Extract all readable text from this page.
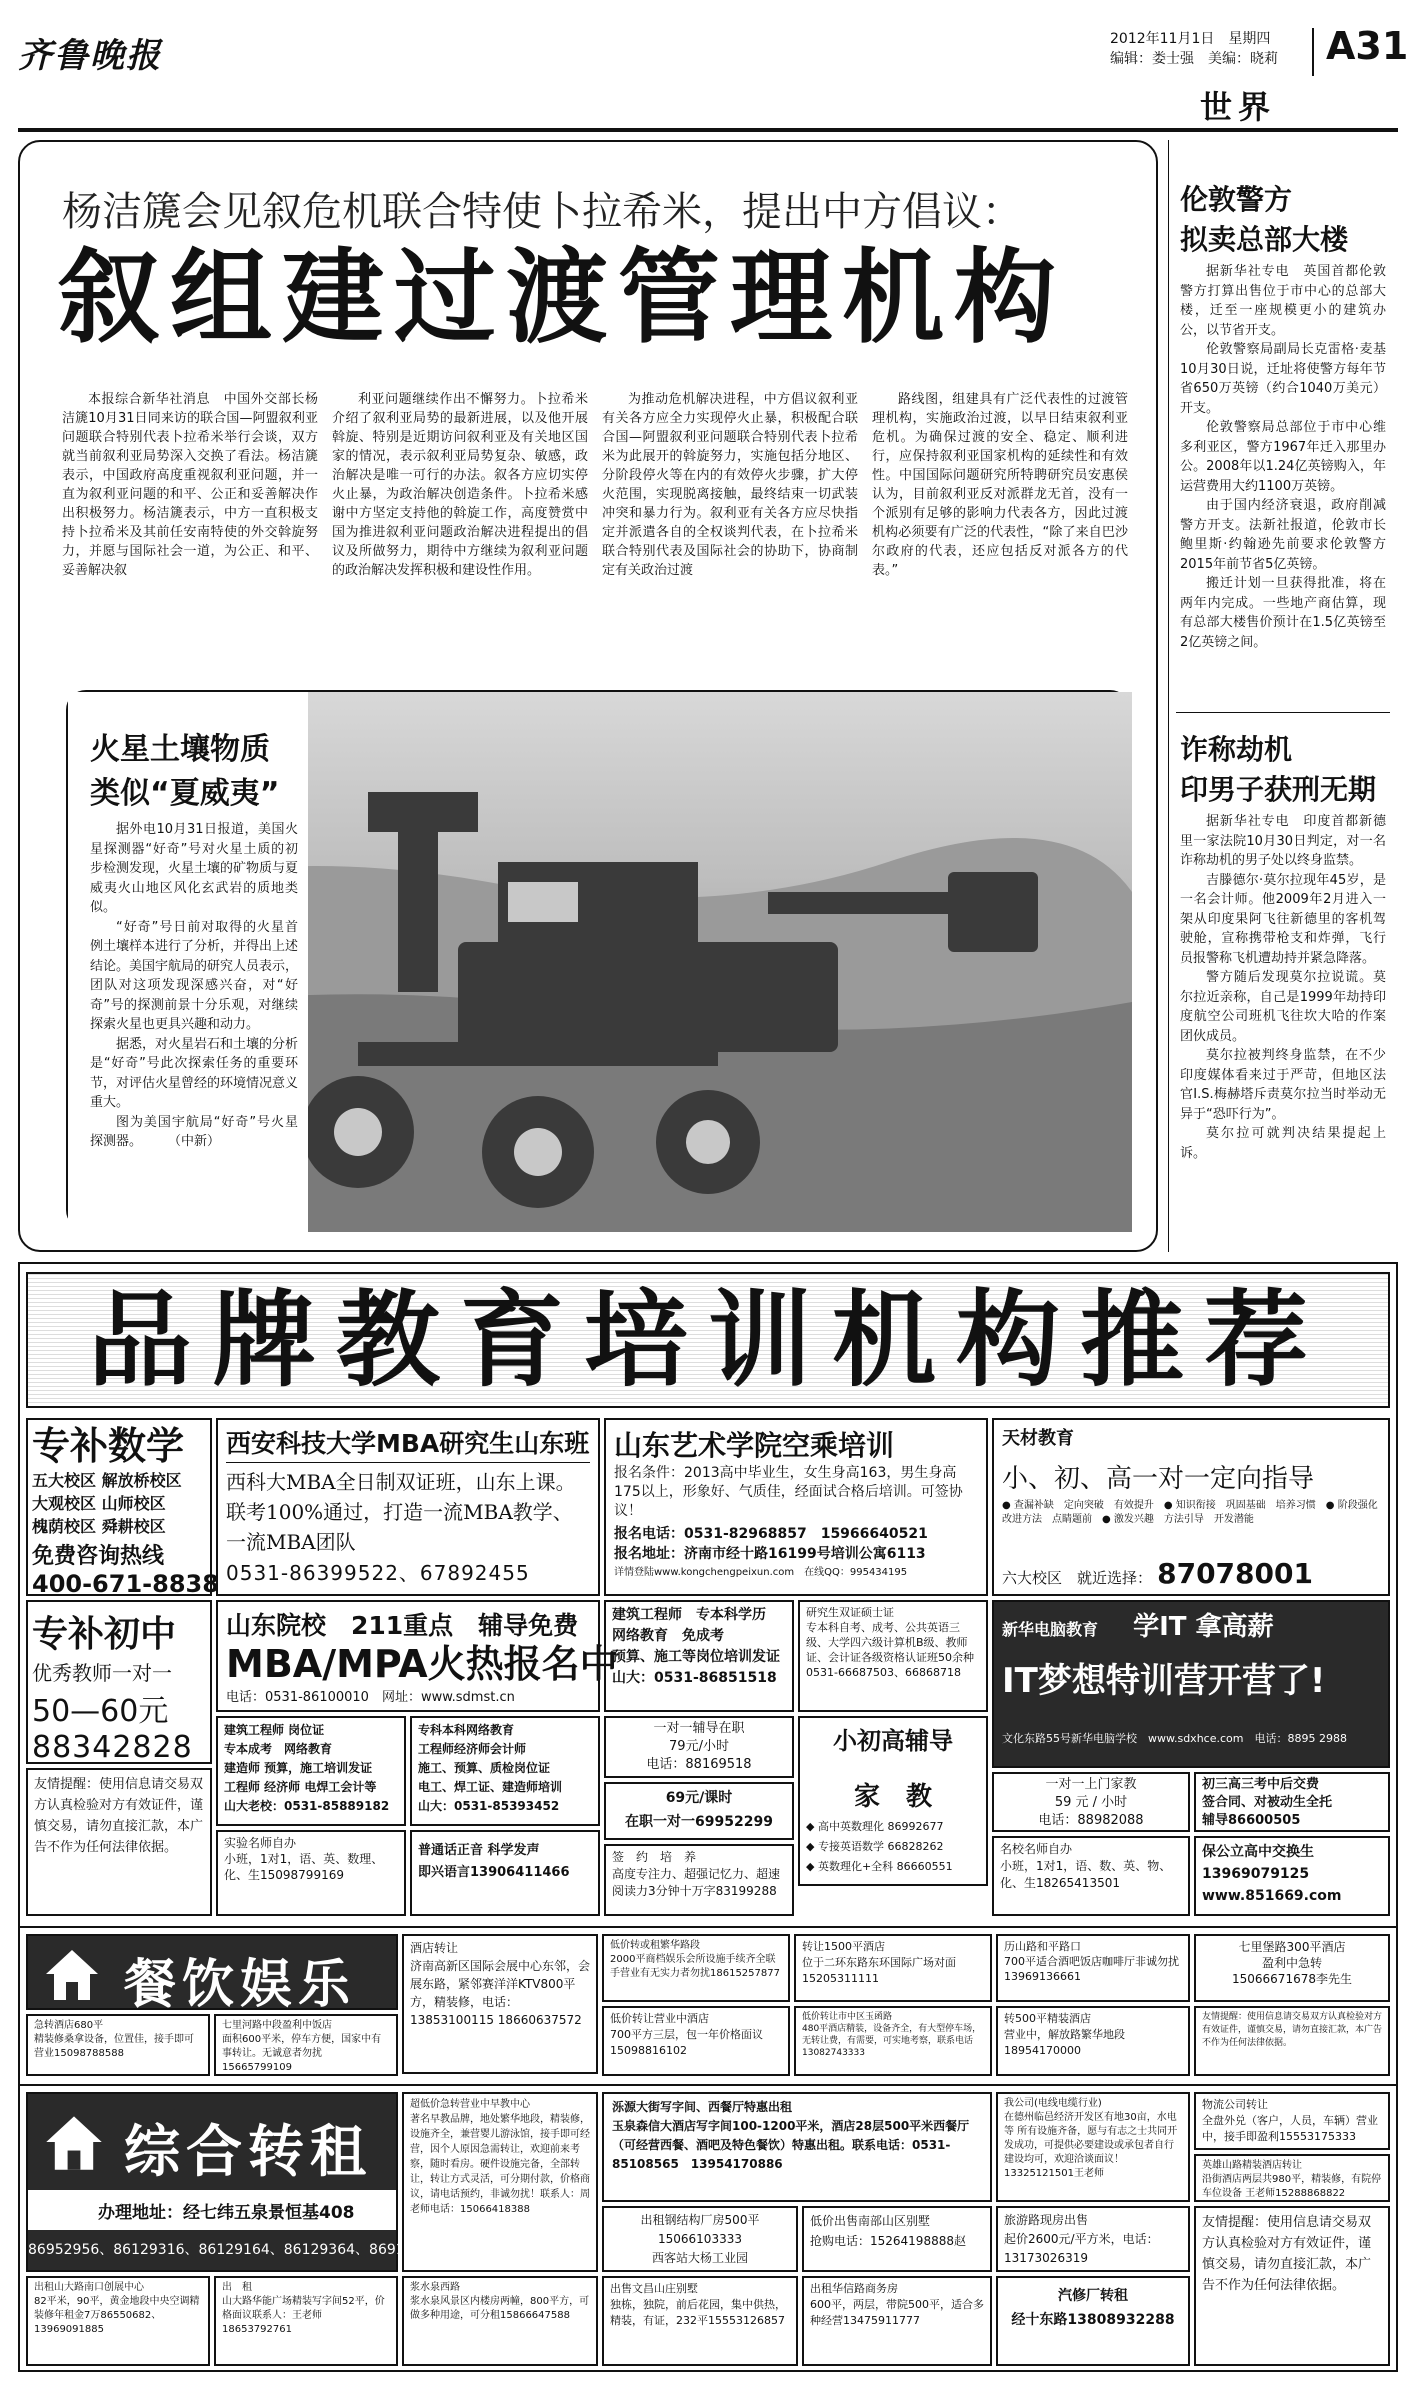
齐鲁晚报	2012年11月1日　星期四
编辑：娄士强　美编：晓莉 A31
世界
杨洁篪会见叙危机联合特使卜拉希米，提出中方倡议：
叙组建过渡管理机构

本报综合新华社消息　中国外交部长杨洁篪10月31日同来访的联合国—阿盟叙利亚问题联合特别代表卜拉希米举行会谈，双方就当前叙利亚局势深入交换了看法。杨洁篪表示，中国政府高度重视叙利亚问题，并一直为叙利亚问题的和平、公正和妥善解决作出积极努力。杨洁篪表示，中方一直积极支持卜拉希米及其前任安南特使的外交斡旋努力，并愿与国际社会一道，为公正、和平、妥善解决叙

利亚问题继续作出不懈努力。卜拉希米介绍了叙利亚局势的最新进展，以及他开展斡旋、特别是近期访问叙利亚及有关地区国家的情况，表示叙利亚局势复杂、敏感，政治解决是唯一可行的办法。叙各方应切实停火止暴，为政治解决创造条件。卜拉希米感谢中方坚定支持他的斡旋工作，高度赞赏中国为推进叙利亚问题政治解决进程提出的倡议及所做努力，期待中方继续为叙利亚问题的政治解决发挥积极和建设性作用。

为推动危机解决进程，中方倡议叙利亚有关各方应全力实现停火止暴，积极配合联合国—阿盟叙利亚问题联合特别代表卜拉希米为此展开的斡旋努力，实施包括分地区、分阶段停火等在内的有效停火步骤，扩大停火范围，实现脱离接触，最终结束一切武装冲突和暴力行为。叙利亚有关各方应尽快指定并派遣各自的全权谈判代表，在卜拉希米联合特别代表及国际社会的协助下，协商制定有关政治过渡

路线图，组建具有广泛代表性的过渡管理机构，实施政治过渡，以早日结束叙利亚危机。为确保过渡的安全、稳定、顺利进行，应保持叙利亚国家机构的延续性和有效性。中国国际问题研究所特聘研究员安惠侯认为，目前叙利亚反对派群龙无首，没有一个派别有足够的影响力代表各方，因此过渡机构必须要有广泛的代表性，“除了来自巴沙尔政府的代表，还应包括反对派各方的代表。”

火星土壤物质
类似“夏威夷”

据外电10月31日报道，美国火星探测器“好奇”号对火星土质的初步检测发现，火星土壤的矿物质与夏威夷火山地区风化玄武岩的质地类似。

“好奇”号日前对取得的火星首例土壤样本进行了分析，并得出上述结论。美国宇航局的研究人员表示，团队对这项发现深感兴奋，对“好奇”号的探测前景十分乐观，对继续探索火星也更具兴趣和动力。

据悉，对火星岩石和土壤的分析是“好奇”号此次探索任务的重要环节，对评估火星曾经的环境情况意义重大。

图为美国宇航局“好奇”号火星探测器。　　　（中新）

伦敦警方
拟卖总部大楼

据新华社专电　英国首都伦敦警方打算出售位于市中心的总部大楼，迁至一座规模更小的建筑办公，以节省开支。

伦敦警察局副局长克雷格·麦基10月30日说，迁址将使警方每年节省650万英镑（约合1040万美元）开支。

伦敦警察局总部位于市中心维多利亚区，警方1967年迁入那里办公。2008年以1.24亿英镑购入，年运营费用大约1100万英镑。

由于国内经济衰退，政府削减警方开支。法新社报道，伦敦市长鲍里斯·约翰逊先前要求伦敦警方2015年前节省5亿英镑。

搬迁计划一旦获得批准，将在两年内完成。一些地产商估算，现有总部大楼售价预计在1.5亿英镑至2亿英镑之间。

诈称劫机
印男子获刑无期

据新华社专电　印度首都新德里一家法院10月30日判定，对一名诈称劫机的男子处以终身监禁。

吉滕德尔·莫尔拉现年45岁，是一名会计师。他2009年2月进入一架从印度果阿飞往新德里的客机驾驶舱，宣称携带枪支和炸弹，飞行员报警称飞机遭劫持并紧急降落。

警方随后发现莫尔拉说谎。莫尔拉近亲称，自己是1999年劫持印度航空公司班机飞往坎大哈的作案团伙成员。

莫尔拉被判终身监禁，在不少印度媒体看来过于严苛，但地区法官I.S.梅赫塔斥责莫尔拉当时举动无异于“恐吓行为”。

莫尔拉可就判决结果提起上诉。

品牌教育培训机构推荐
专补数学
五大校区 解放桥校区
大观校区 山师校区
槐荫校区 舜耕校区
免费咨询热线
400-671-8838
西安科技大学MBA研究生山东班
西科大MBA全日制双证班，山东上课。联考100%通过，打造一流MBA教学、一流MBA团队
0531-86399522、67892455
山东艺术学院空乘培训
报名条件：2013高中毕业生，女生身高163，男生身高175以上，形象好、气质佳，经面试合格后培训。可签协议！
报名电话：0531-82968857　15966640521
报名地址：济南市经十路16199号培训公寓6113
详情登陆www.kongchengpeixun.com　在线QQ：995434195
天材教育
小、初、高一对一定向指导
● 查漏补缺　定向突破　有效提升　● 知识衔接　巩固基础　培养习惯　● 阶段强化　改进方法　点睛题前　● 激发兴趣　方法引导　开发潜能
六大校区　就近选择： 87078001
专补初中
优秀教师一对一
50—60元
88342828
山东院校　211重点　辅导免费
MBA/MPA火热报名中
电话：0531-86100010　网址：www.sdmst.cn
建筑工程师　专本科学历
网络教育　免成考
预算、施工等岗位培训发证
山大：0531-86851518
研究生双证硕士证
专本科自考、成考、公共英语三级、大学四六级计算机B级、教师证、会计证各级资格认证班50余种
0531-66687503、66868718
新华电脑教育 学IT 拿高薪
IT梦想特训营开营了!
文化东路55号新华电脑学校　www.sdxhce.com　电话：8895 2988
建筑工程师 岗位证
专本成考　网络教育
建造师 预算，施工培训发证
工程师 经济师 电焊工会计等
山大老校：0531-85889182
专科本科网络教育
工程师经济师会计师
施工、预算、质检岗位证
电工、焊工证、建造师培训
山大：0531-85393452
一对一辅导在职
79元/小时
电话：88169518
小初高辅导
家　教
◆ 高中英数理化 86992677
◆ 专接英语数学 66828262
◆ 英数理化+全科 86660551
69元/课时
在职一对一69952299
一对一上门家教
59 元 / 小时
电话：88982088
初三高三考中后交费
签合同、对被动生全托
辅导86600505
友情提醒：使用信息请交易双方认真检验对方有效证件，谨慎交易，请勿直接汇款，本广告不作为任何法律依据。	实验名师自办
小班，1对1，语、英、数理、化、生15098799169
普通话正音 科学发声
即兴语言13906411466
签　约　培　养
高度专注力、超强记忆力、超速阅读力3分钟十万字83199288
名校名师自办
小班，1对1，语、数、英、物、化、生18265413501
保公立高中交换生
13969079125
www.851669.com
餐饮娱乐
酒店转让
济南高新区国际会展中心东邻，会展东路，紧邻赛洋洋KTV800平方，精装修，电话：13853100115 18660637572
低价转或租繁华路段
2000平商档娱乐会所设施手续齐全联手营业有无实力者勿扰18615257877
转让1500平酒店
位于二环东路东环国际广场对面15205311111
历山路和平路口
700平适合酒吧饭店咖啡厅非诚勿扰13969136661
七里堡路300平酒店
盈利中急转
15066671678李先生
急转酒店680平
精装修桑拿设备，位置佳，接手即可营业15098788588
七里河路中段盈利中饭店
面积600平米，停车方便，国家中有事转让。无诚意者勿扰15665799109
低价转让营业中酒店
700平方三层，包一年价格面议15098816102
低价转让市中区玉函路
480平酒店精装，设备齐全，有大型停车场，无转让费，有需要，可实地考察，联系电话13082743333
转500平精装酒店
营业中，解放路繁华地段
18954170000
友情提醒：使用信息请交易双方认真检验对方有效证件，谨慎交易，请勿直接汇款，本广告不作为任何法律依据。
综合转租
办理地址：经七纬五泉景恒基408
86952956、86129316、86129164、86129364、86919980
超低价急转营业中早教中心
著名早教品牌，地处繁华地段，精装修，设施齐全，兼营婴儿游泳馆，接手即可经营，因个人原因急需转让，欢迎前来考察，随时看房。硬件设施完备，全部转让，转让方式灵活，可分期付款，价格商议，请电话预约，非诚勿扰！联系人：周老师电话：15066418388
泺源大街写字间、西餐厅特惠出租
玉泉森信大酒店写字间100-1200平米，酒店28层500平米西餐厅（可经营西餐、酒吧及特色餐饮）特惠出租。联系电话：0531-85108565　13954170886
我公司(电线电缆行业)
在德州临邑经济开发区有地30亩，水电等 所有设施齐备，愿与有志之士共同开发成功，可提供必要建设或承包者自行建设均可，欢迎洽谈面议！13325121501王老师
物流公司转让
全盘外兑（客户，人员，车辆）营业中，接手即盈利15553175333
英雄山路精装酒店转让
沿街酒店两层共980平，精装修，有院停车位设备 王老师15288868822
出租钢结构厂房500平
15066103333
西客站大杨工业园
低价出售南部山区别墅
抢购电话：15264198888赵
旅游路现房出售
起价2600元/平方米，电话：13173026319
友情提醒：使用信息请交易双方认真检验对方有效证件，谨慎交易，请勿直接汇款，本广告不作为任何法律依据。
出租山大路南口创展中心
82平米，90平，黄金地段中央空调精装修年租金7万86550682、13969091885
出　租
山大路华能广场精装写字间52平，价格面议联系人：王老师18653792761
浆水泉西路
浆水泉风景区内楼房两幢，800平方，可做多种用途，可分租15866647588
出售文昌山庄别墅
独栋，独院，前后花园，集中供热，精装，有证，232平15553126857
出租华信路商务房
600平，两层，带院500平，适合多种经营13475911777
汽修厂转租
经十东路13808932288
